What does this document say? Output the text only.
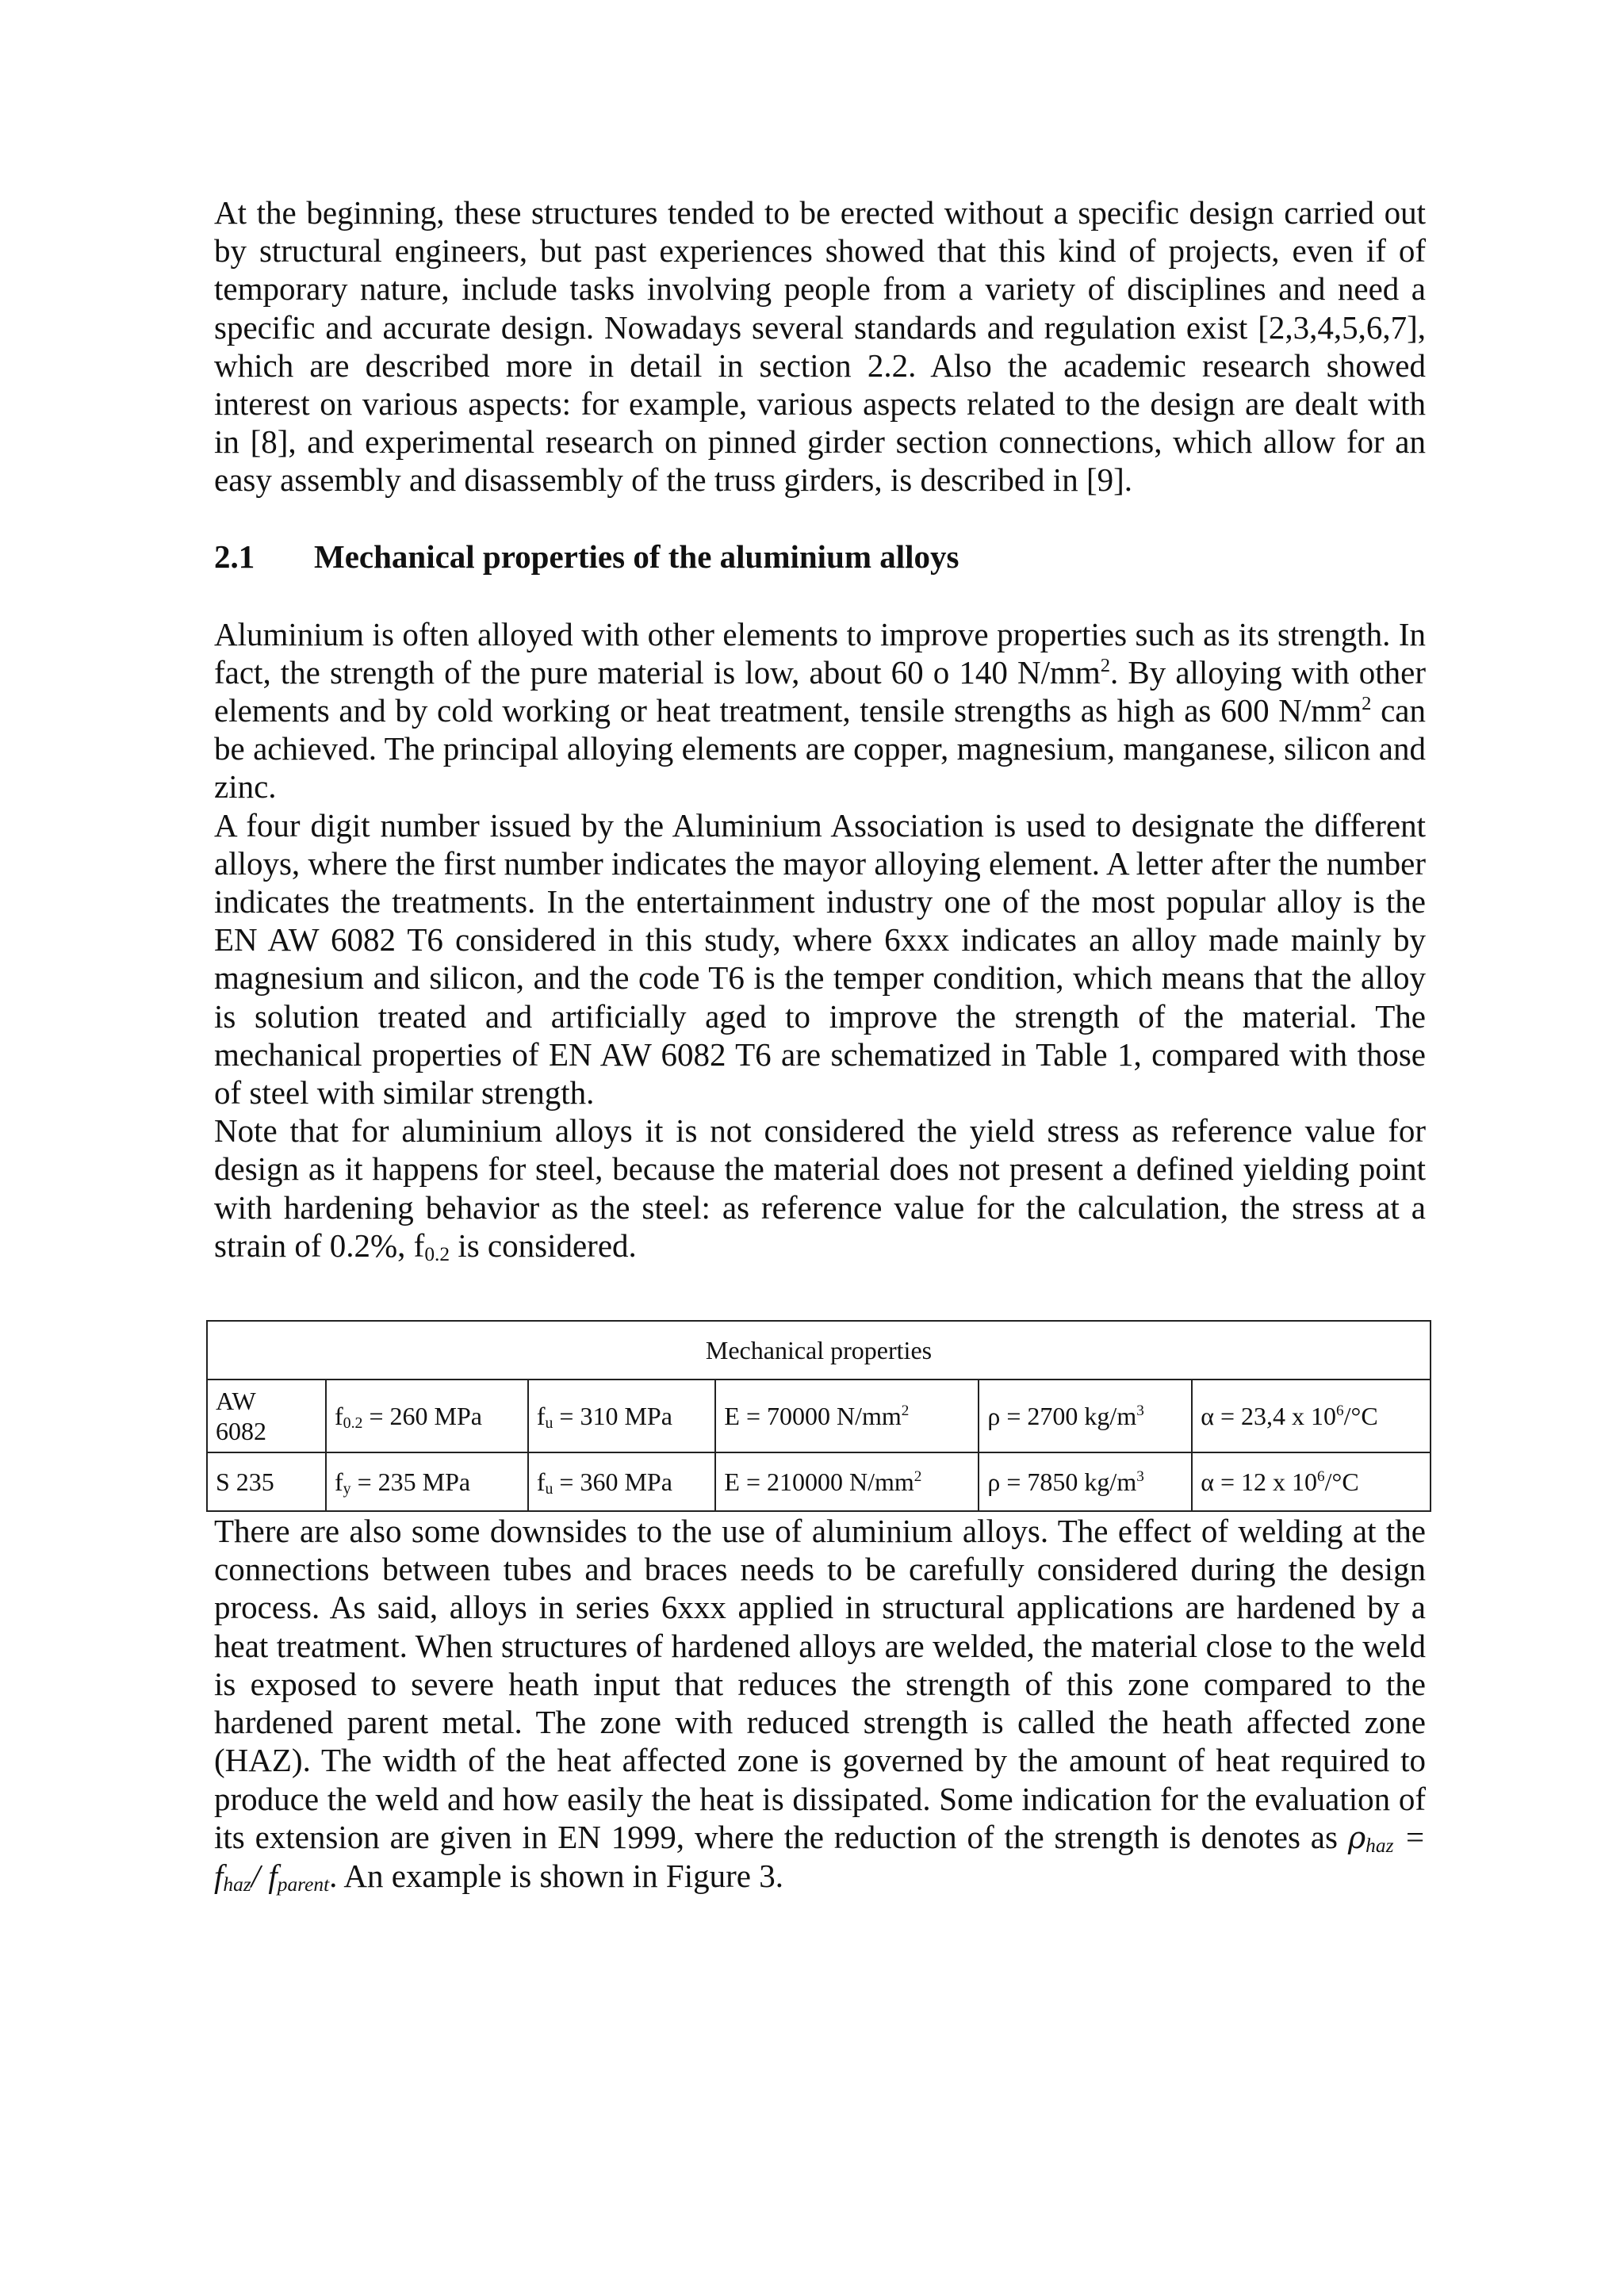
At the beginning, these structures tended to be erected without a specific design carried out by structural engineers, but past experiences showed that this kind of projects, even if of temporary nature, include tasks involving people from a variety of disciplines and need a specific and accurate design. Nowadays several standards and regulation exist [2,3,4,5,6,7], which are described more in detail in section 2.2. Also the academic research showed interest on various aspects: for example, various aspects related to the design are dealt with in [8], and experimental research on pinned girder section connections, which allow for an easy assembly and disassembly of the truss girders, is described in [9].

2.1	Mechanical properties of the aluminium alloys

Aluminium is often alloyed with other elements to improve properties such as its strength. In fact, the strength of the pure material is low, about 60 o 140 $N/mm^2$. By alloying with other elements and by cold working or heat treatment, tensile strengths as high as 600 $N/mm^2$ can be achieved. The principal alloying elements are copper, magnesium, manganese, silicon and zinc.

A four digit number issued by the Aluminium Association is used to designate the different alloys, where the first number indicates the mayor alloying element. A letter after the number indicates the treatments. In the entertainment industry one of the most popular alloy is the EN AW 6082 T6 considered in this study, where 6xxx indicates an alloy made mainly by magnesium and silicon, and the code T6 is the temper condition, which means that the alloy is solution treated and artificially aged to improve the strength of the material. The mechanical properties of EN AW 6082 T6 are schematized in Table 1, compared with those of steel with similar strength.

Note that for aluminium alloys it is not considered the yield stress as reference value for design as it happens for steel, because the material does not present a defined yielding point with hardening behavior as the steel: as reference value for the calculation, the stress at a strain of 0.2%, $f_{0.2}$ is considered.

Mechanical properties					
AW
6082	$f_{0.2} = 260$ MPa	$f_u = 310$ MPa	E = 70000 $N/mm^2$	ρ = 2700 $kg/m^3$	α = 23,4 x $10^6/^\circ C$
S 235	$f_y = 235$ MPa	$f_u = 360$ MPa	E = 210000 $N/mm^2$	ρ = 7850 $kg/m^3$	α = 12 x $10^6/^\circ C$

There are also some downsides to the use of aluminium alloys. The effect of welding at the connections between tubes and braces needs to be carefully considered during the design process. As said, alloys in series 6xxx applied in structural applications are hardened by a heat treatment. When structures of hardened alloys are welded, the material close to the weld is exposed to severe heath input that reduces the strength of this zone compared to the hardened parent metal. The zone with reduced strength is called the heath affected zone (HAZ). The width of the heat affected zone is governed by the amount of heat required to produce the weld and how easily the heat is dissipated. Some indication for the evaluation of its extension are given in EN 1999, where the reduction of the strength is denotes as $\rho_{haz} = f_{haz}/$ $f_{parent}$. An example is shown in Figure 3.
